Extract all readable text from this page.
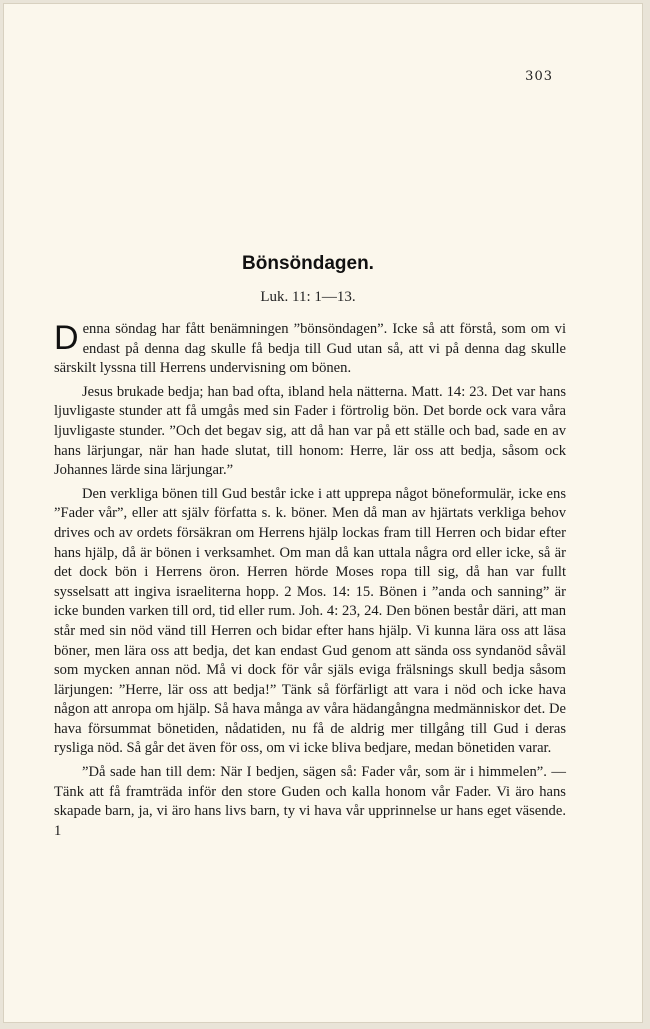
303
Bönsöndagen.
Luk. 11: 1—13.

Denna söndag har fått benämningen ”bönsöndagen”. Icke så att förstå, som om vi endast på denna dag skulle få bedja till Gud utan så, att vi på denna dag skulle särskilt lyssna till Herrens undervisning om bönen.

Jesus brukade bedja; han bad ofta, ibland hela nätterna. Matt. 14: 23. Det var hans ljuvligaste stunder att få umgås med sin Fader i förtrolig bön. Det borde ock vara våra ljuvligaste stunder. ”Och det begav sig, att då han var på ett ställe och bad, sade en av hans lärjungar, när han hade slutat, till honom: Herre, lär oss att bedja, såsom ock Johannes lärde sina lärjungar.”

Den verkliga bönen till Gud består icke i att upprepa något böneformulär, icke ens ”Fader vår”, eller att själv författa s. k. böner. Men då man av hjärtats verkliga behov drives och av ordets försäkran om Herrens hjälp lockas fram till Herren och bidar efter hans hjälp, då är bönen i verksamhet. Om man då kan uttala några ord eller icke, så är det dock bön i Herrens öron. Herren hörde Moses ropa till sig, då han var fullt sysselsatt att ingiva israeliterna hopp. 2 Mos. 14: 15. Bönen i ”anda och sanning” är icke bunden varken till ord, tid eller rum. Joh. 4: 23, 24. Den bönen består däri, att man står med sin nöd vänd till Herren och bidar efter hans hjälp. Vi kunna lära oss att läsa böner, men lära oss att bedja, det kan endast Gud genom att sända oss syndanöd såväl som mycken annan nöd. Må vi dock för vår själs eviga frälsnings skull bedja såsom lärjungen: ”Herre, lär oss att bedja!” Tänk så förfärligt att vara i nöd och icke hava någon att anropa om hjälp. Så hava många av våra hädangångna medmänniskor det. De hava försummat bönetiden, nådatiden, nu få de aldrig mer tillgång till Gud i deras rysliga nöd. Så går det även för oss, om vi icke bliva bedjare, medan bönetiden varar.

”Då sade han till dem: När I bedjen, sägen så: Fader vår, som är i himmelen”. — Tänk att få framträda inför den store Guden och kalla honom vår Fader. Vi äro hans skapade barn, ja, vi äro hans livs barn, ty vi hava vår upprinnelse ur hans eget väsende. 1
